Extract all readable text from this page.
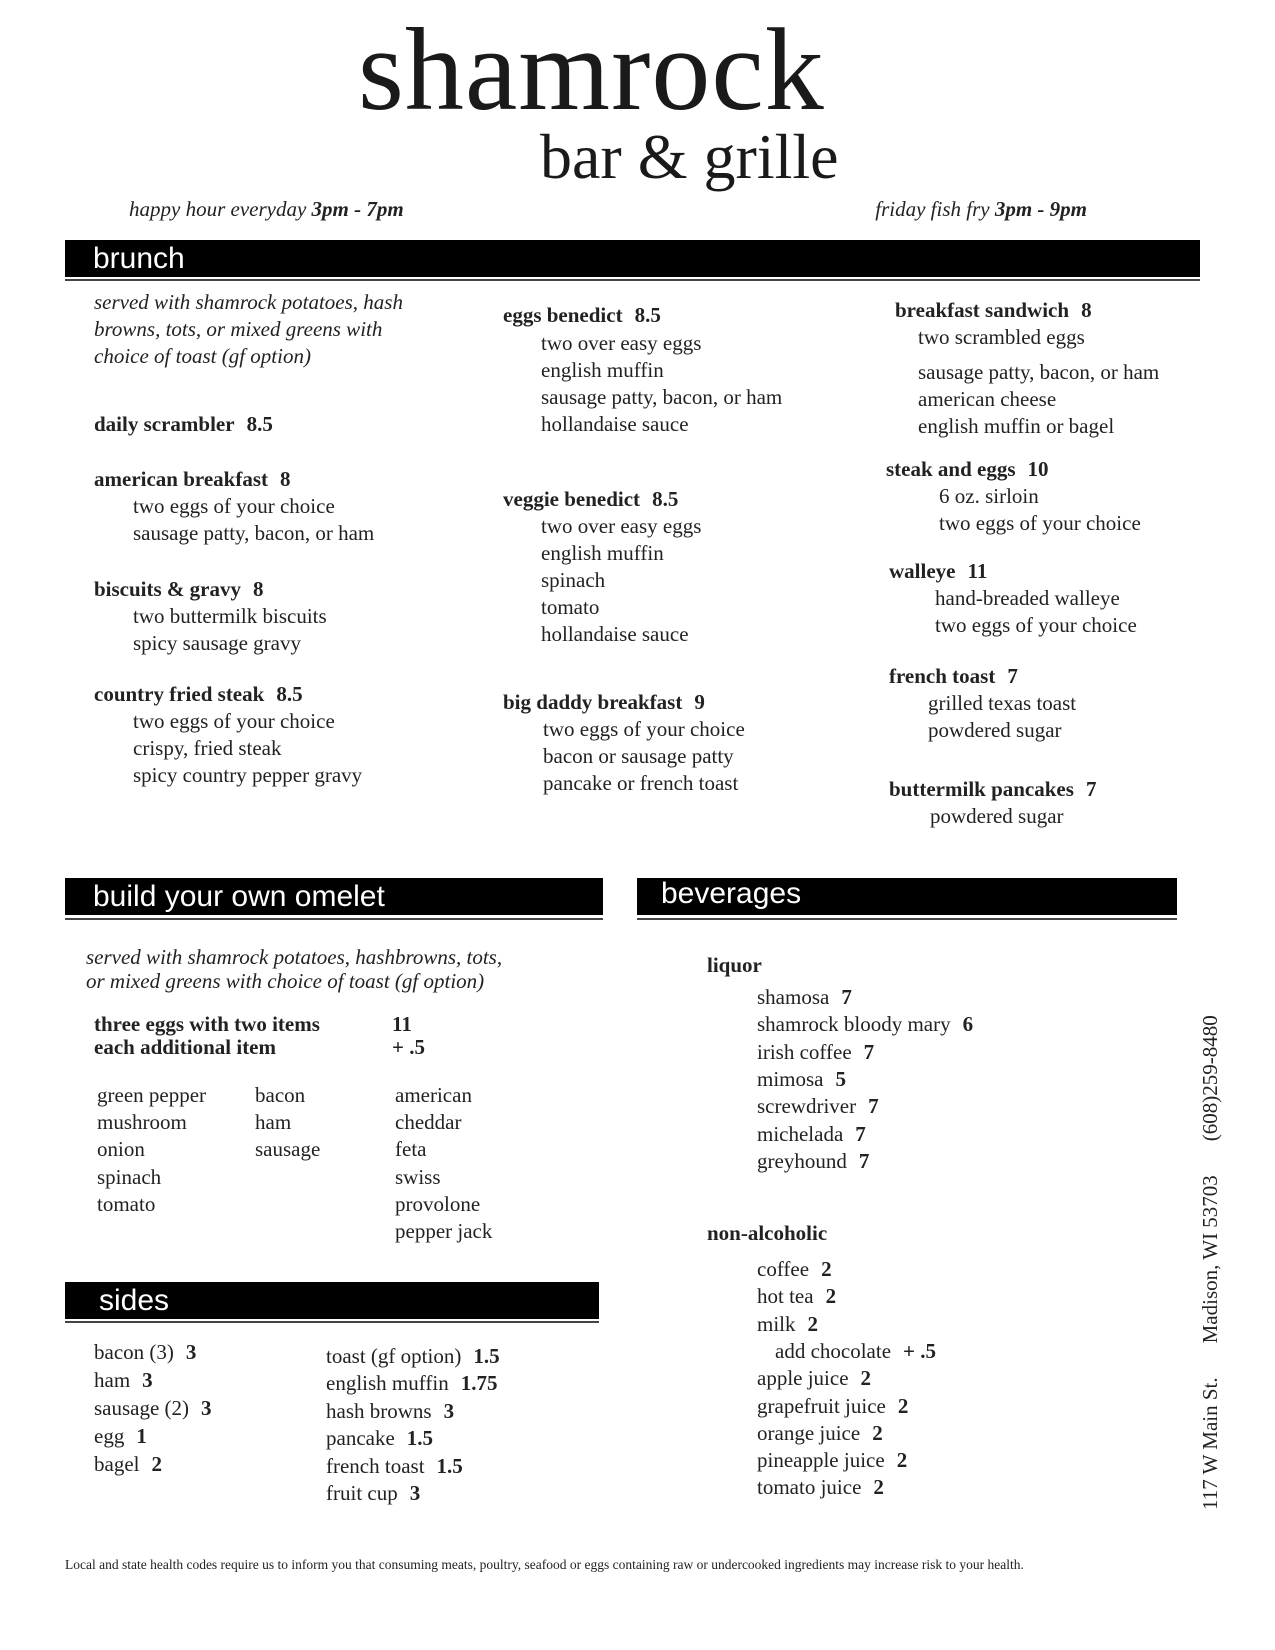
shamrock
bar & grille
happy hour everyday 3pm - 7pm	friday fish fry 3pm - 9pm
brunch
build your own omelet	beverages
sides
served with shamrock potatoes, hash
browns, tots, or mixed greens with
choice of toast (gf option)
daily scrambler 8.5
american breakfast 8
two eggs of your choice
sausage patty, bacon, or ham
biscuits & gravy 8
two buttermilk biscuits
spicy sausage gravy
country fried steak 8.5
two eggs of your choice
crispy, fried steak
spicy country pepper gravy
eggs benedict 8.5
two over easy eggs
english muffin
sausage patty, bacon, or ham
hollandaise sauce
veggie benedict 8.5
two over easy eggs
english muffin
spinach
tomato
hollandaise sauce
big daddy breakfast 9
two eggs of your choice
bacon or sausage patty
pancake or french toast
breakfast sandwich 8
two scrambled eggs
sausage patty, bacon, or ham
american cheese
english muffin or bagel
steak and eggs 10
6 oz. sirloin
two eggs of your choice
walleye 11
hand-breaded walleye
two eggs of your choice
french toast 7
grilled texas toast
powdered sugar
buttermilk pancakes 7
powdered sugar
served with shamrock potatoes, hashbrowns, tots,
or mixed greens with choice of toast (gf option)
three eggs with two items	11
each additional item	+ .5
green pepper
mushroom
onion
spinach
tomato
bacon
ham
sausage
american
cheddar
feta
swiss
provolone
pepper jack
bacon (3) 3
ham 3
sausage (2) 3
egg 1
bagel 2
toast (gf option) 1.5
english muffin 1.75
hash browns 3
pancake 1.5
french toast 1.5
fruit cup 3
liquor
shamosa 7
shamrock bloody mary 6
irish coffee 7
mimosa 5
screwdriver 7
michelada 7
greyhound 7
non-alcoholic
coffee 2
hot tea 2
milk 2
add chocolate + .5
apple juice 2
grapefruit juice 2
orange juice 2
pineapple juice 2
tomato juice 2	117 W Main St.Madison, WI 53703(608)259-8480
Local and state health codes require us to inform you that consuming meats, poultry, seafood or eggs containing raw or undercooked ingredients may increase risk to your health.
